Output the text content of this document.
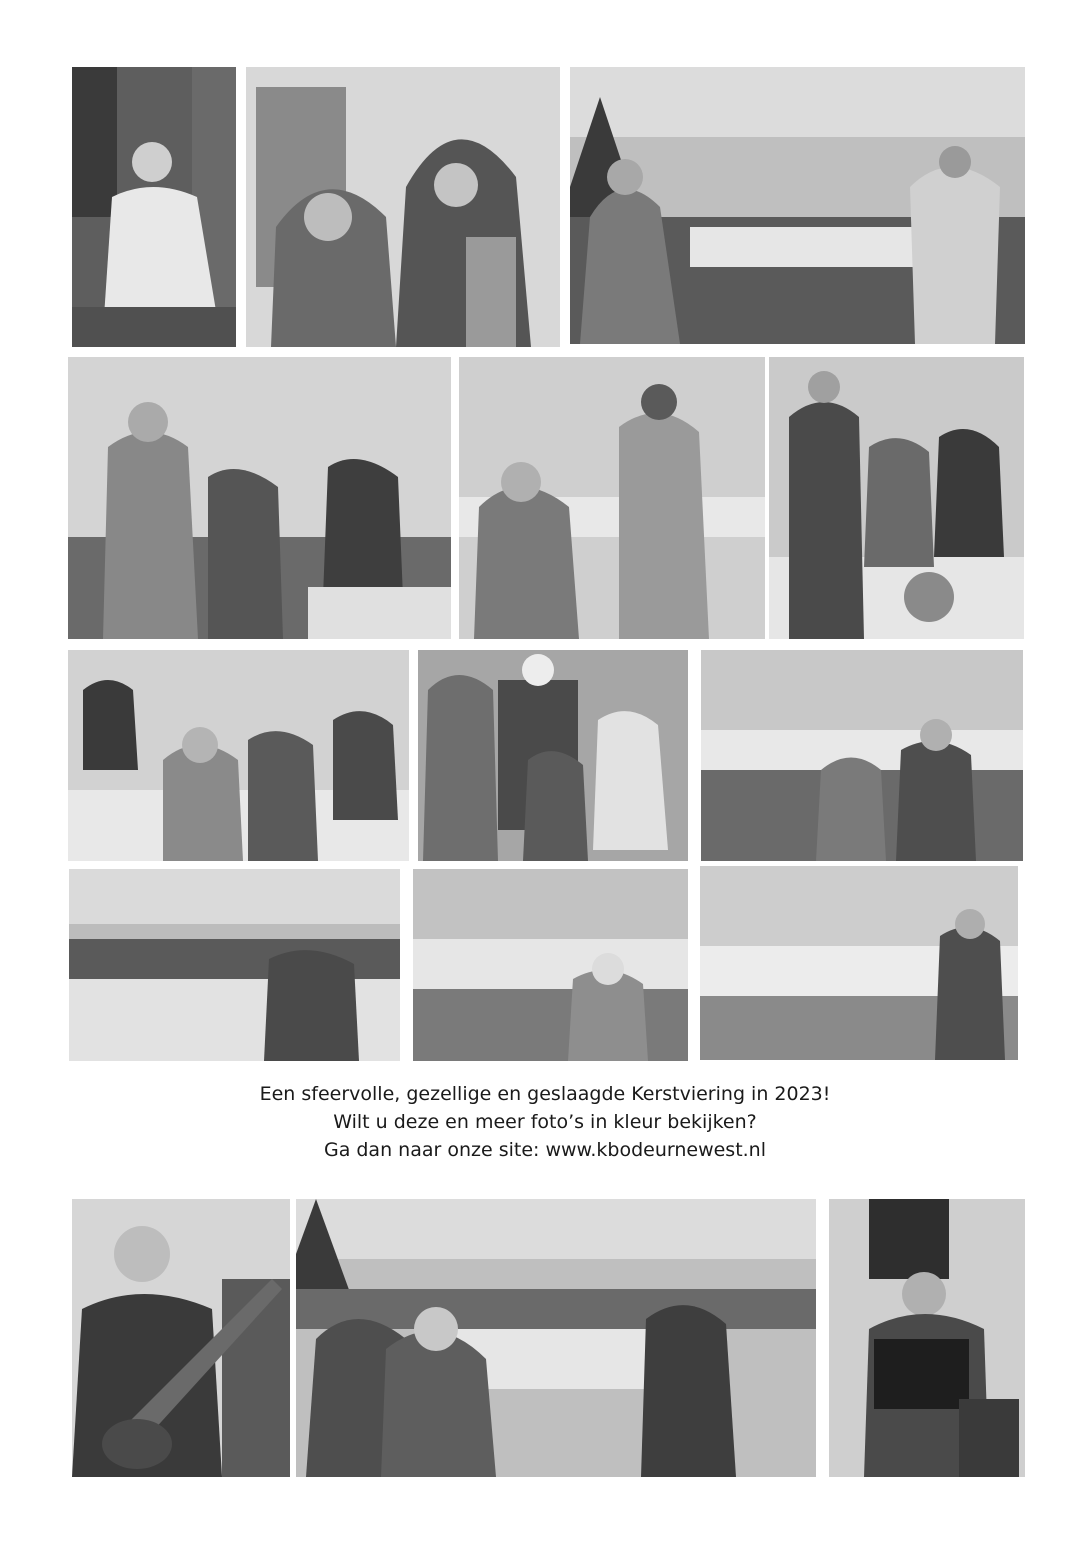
Een sfeervolle, gezellige en geslaagde Kerstviering in 2023!
Wilt u deze en meer foto’s in kleur bekijken?
Ga dan naar onze site: www.kbodeurnewest.nl
